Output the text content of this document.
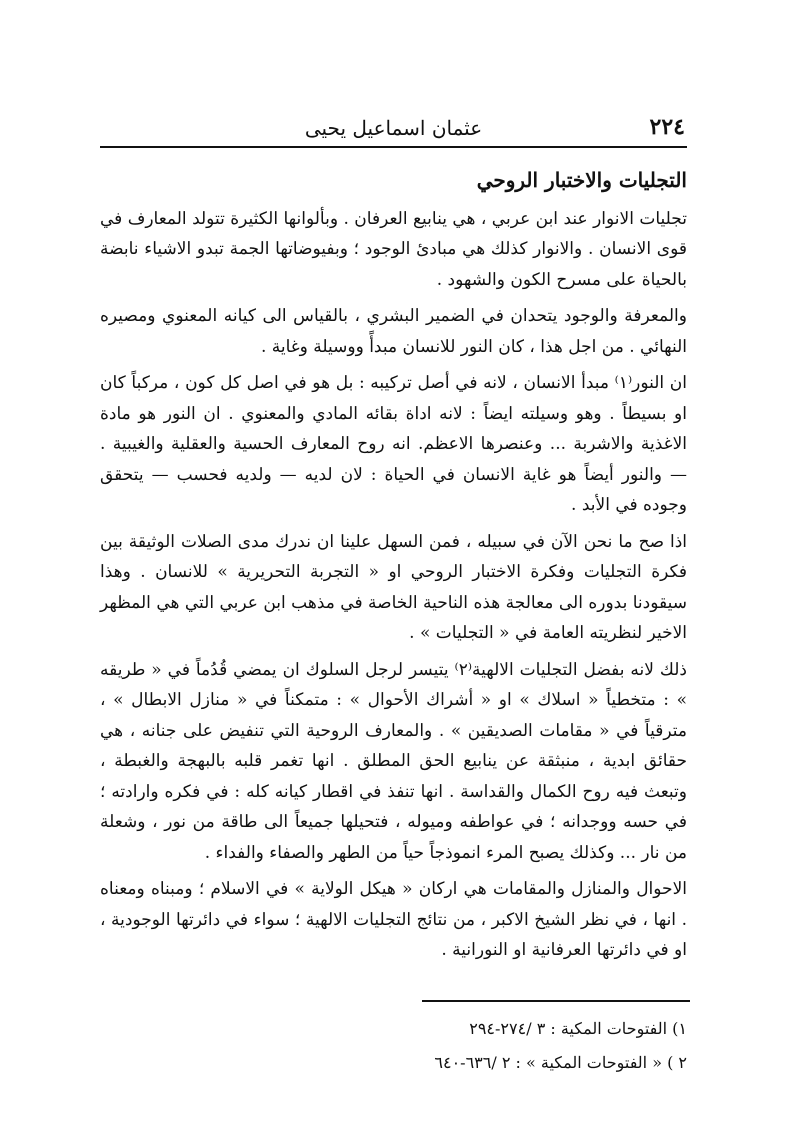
٢٢٤
عثمان اسماعيل يحيى
التجليات والاختبار الروحي

تجليات الانوار عند ابن عربي ، هي ينابيع العرفان . وبألوانها الكثيرة تتولد المعارف في قوى الانسان . والانوار كذلك هي مبادئ الوجود ؛ وبفيوضاتها الجمة تبدو الاشياء نابضة بالحياة على مسرح الكون والشهود .

والمعرفة والوجود يتحدان في الضمير البشري ، بالقياس الى كيانه المعنوي ومصيره النهائي . من اجل هذا ، كان النور للانسان مبدأً ووسيلة وغاية .

ان النور⁽١⁾ مبدأ الانسان ، لانه في أصل تركيبه : بل هو في اصل كل كون ، مركباً كان او بسيطاً . وهو وسيلته ايضاً : لانه اداة بقائه المادي والمعنوي . ان النور هو مادة الاغذية والاشربة ... وعنصرها الاعظم. انه روح المعارف الحسية والعقلية والغيبية . — والنور أيضاً هو غاية الانسان في الحياة : لان لديه — ولديه فحسب — يتحقق وجوده في الأبد .

اذا صح ما نحن الآن في سبيله ، فمن السهل علينا ان ندرك مدى الصلات الوثيقة بين فكرة التجليات وفكرة الاختبار الروحي او « التجربة التحريرية » للانسان . وهذا سيقودنا بدوره الى معالجة هذه الناحية الخاصة في مذهب ابن عربي التي هي المظهر الاخير لنظريته العامة في « التجليات » .

ذلك لانه بفضل التجليات الالهية⁽٢⁾ يتيسر لرجل السلوك ان يمضي قُدُماً في « طريقه » : متخطياً « اسلاك » او « أشراك الأحوال » : متمكناً في « منازل الابطال » ، مترقياً في « مقامات الصديقين » . والمعارف الروحية التي تنفيض على جنانه ، هي حقائق ابدية ، منبثقة عن ينابيع الحق المطلق . انها تغمر قلبه بالبهجة والغبطة ، وتبعث فيه روح الكمال والقداسة . انها تنفذ في اقطار كيانه كله : في فكره وارادته ؛ في حسه ووجدانه ؛ في عواطفه وميوله ، فتحيلها جميعاً الى طاقة من نور ، وشعلة من نار ... وكذلك يصبح المرء انموذجاً حياً من الطهر والصفاء والفداء .

الاحوال والمنازل والمقامات هي اركان « هيكل الولاية » في الاسلام ؛ ومبناه ومعناه . انها ، في نظر الشيخ الاكبر ، من نتائج التجليات الالهية ؛ سواء في دائرتها الوجودية ، او في دائرتها العرفانية او النورانية .

١) الفتوحات المكية : ٣ /٢٧٤-٢٩٤
٢ ) « الفتوحات المكية » : ٢ /٦٣٦-٦٤٠
